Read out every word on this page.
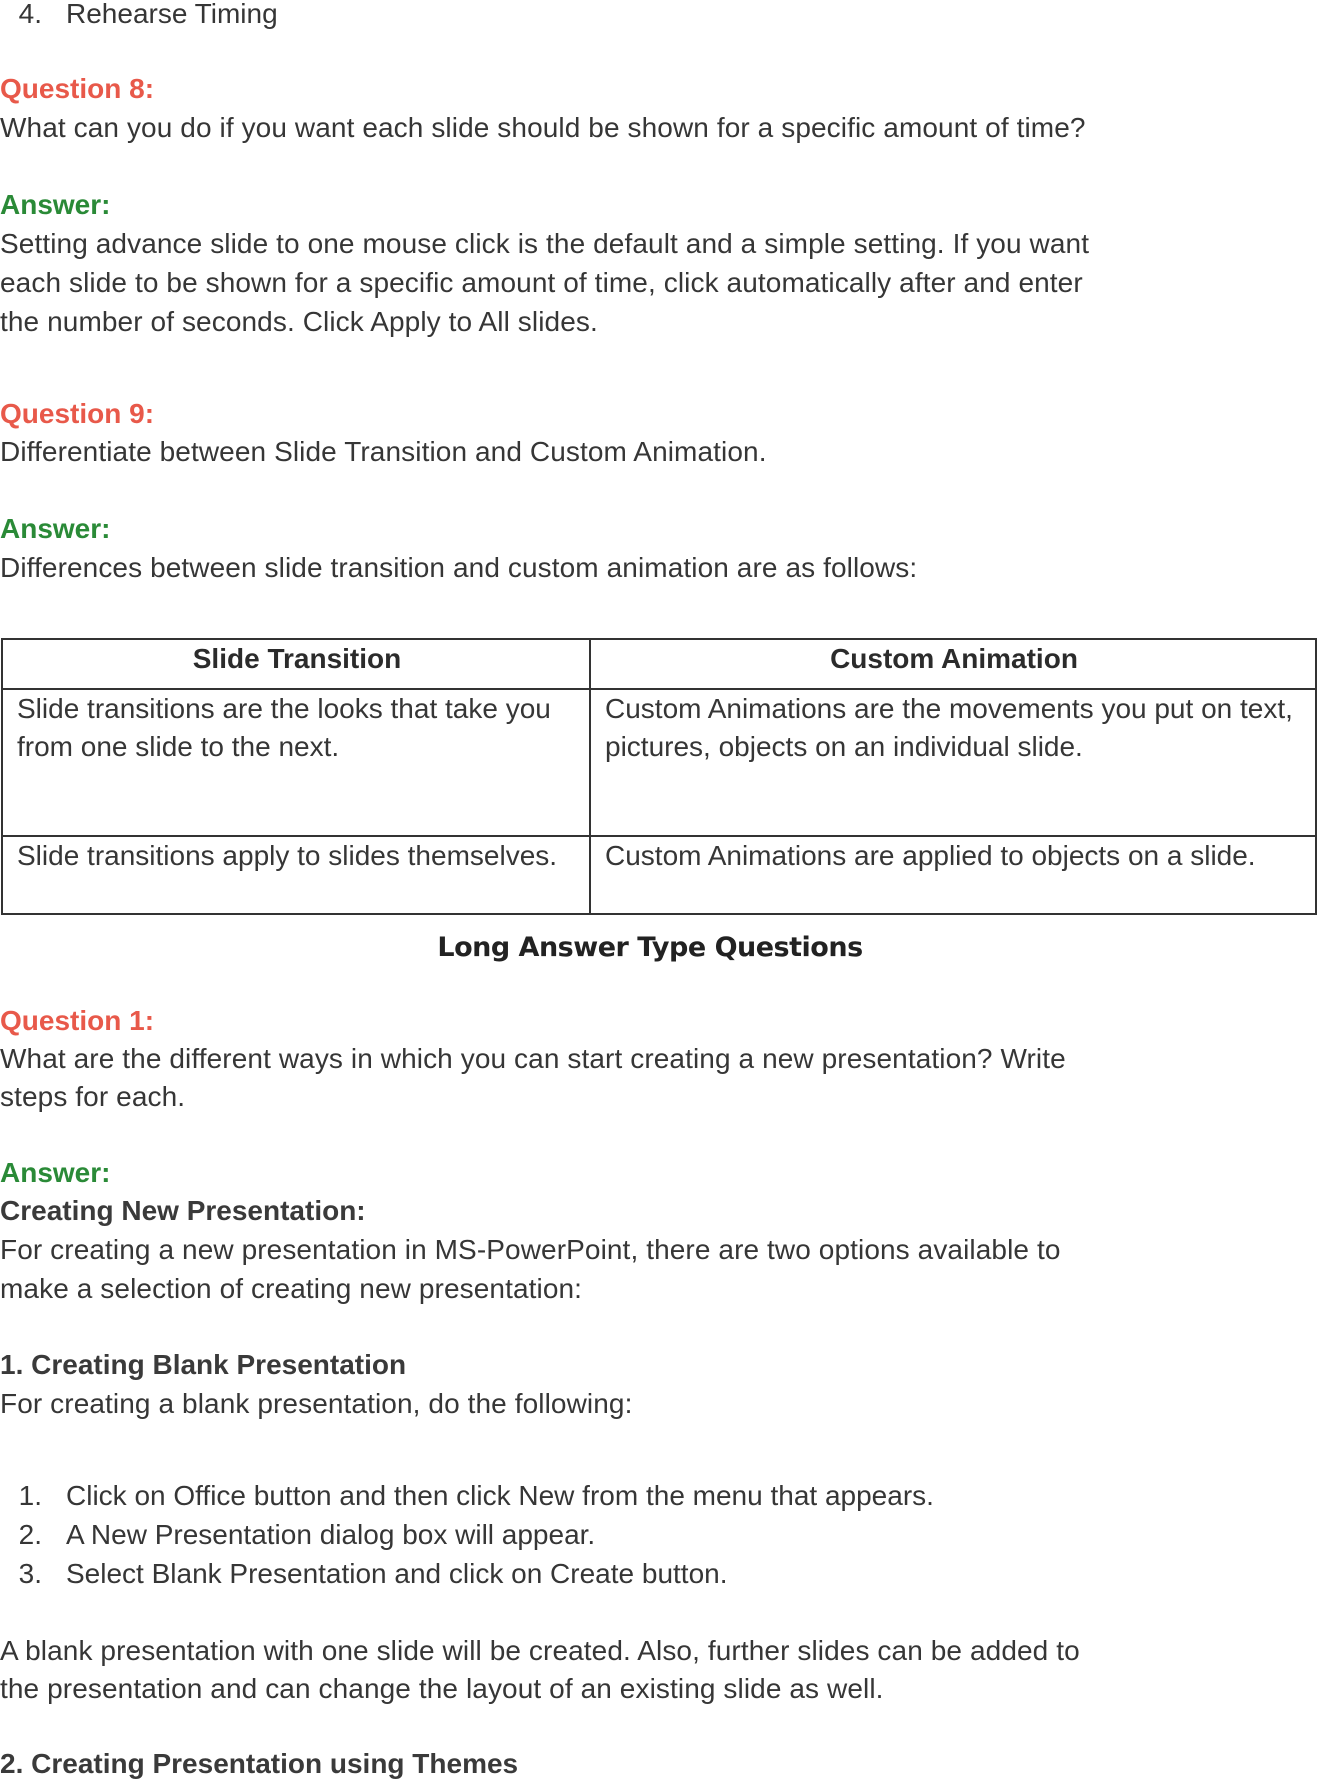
4. Rehearse Timing
Question 8:
What can you do if you want each slide should be shown for a specific amount of time?
Answer:
Setting advance slide to one mouse click is the default and a simple setting. If you want
each slide to be shown for a specific amount of time, click automatically after and enter
the number of seconds. Click Apply to All slides.
Question 9:
Differentiate between Slide Transition and Custom Animation.
Answer:
Differences between slide transition and custom animation are as follows:
Slide Transition	Custom Animation
Slide transitions are the looks that take you from one slide to the next.	Custom Animations are the movements you put on text, pictures, objects on an individual slide.
Slide transitions apply to slides themselves.	Custom Animations are applied to objects on a slide.
Long Answer Type Questions
Question 1:
What are the different ways in which you can start creating a new presentation? Write
steps for each.
Answer:
Creating New Presentation:
For creating a new presentation in MS-PowerPoint, there are two options available to
make a selection of creating new presentation:
1. Creating Blank Presentation
For creating a blank presentation, do the following:
1. Click on Office button and then click New from the menu that appears.
2. A New Presentation dialog box will appear.
3. Select Blank Presentation and click on Create button.
A blank presentation with one slide will be created. Also, further slides can be added to
the presentation and can change the layout of an existing slide as well.
2. Creating Presentation using Themes
